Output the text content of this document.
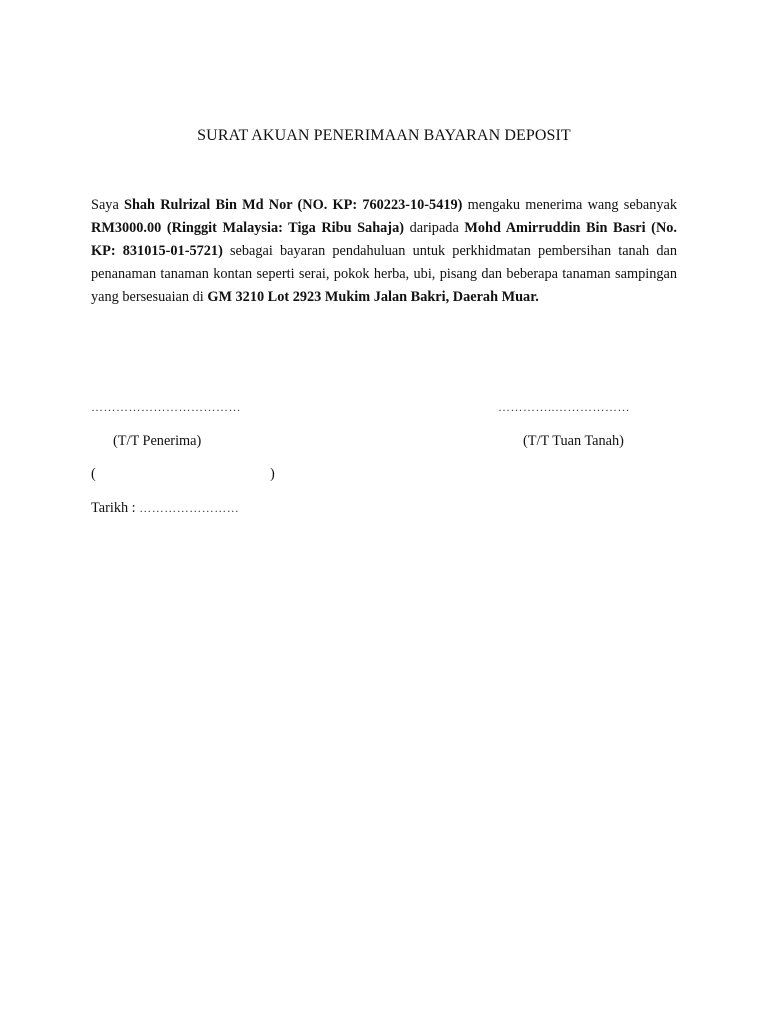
SURAT AKUAN PENERIMAAN BAYARAN DEPOSIT
Saya Shah Rulrizal Bin Md Nor (NO. KP: 760223-10-5419) mengaku menerima wang sebanyak RM3000.00 (Ringgit Malaysia: Tiga Ribu Sahaja) daripada Mohd Amirruddin Bin Basri (No. KP: 831015-01-5721) sebagai bayaran pendahuluan untuk perkhidmatan pembersihan tanah dan penanaman tanaman kontan seperti serai, pokok herba, ubi, pisang dan beberapa tanaman sampingan yang bersesuaian di GM 3210 Lot 2923 Mukim Jalan Bakri, Daerah Muar.
………………………………	…………..………………
(T/T Penerima)	(T/T Tuan Tanah)
(	)
Tarikh : ……………………
